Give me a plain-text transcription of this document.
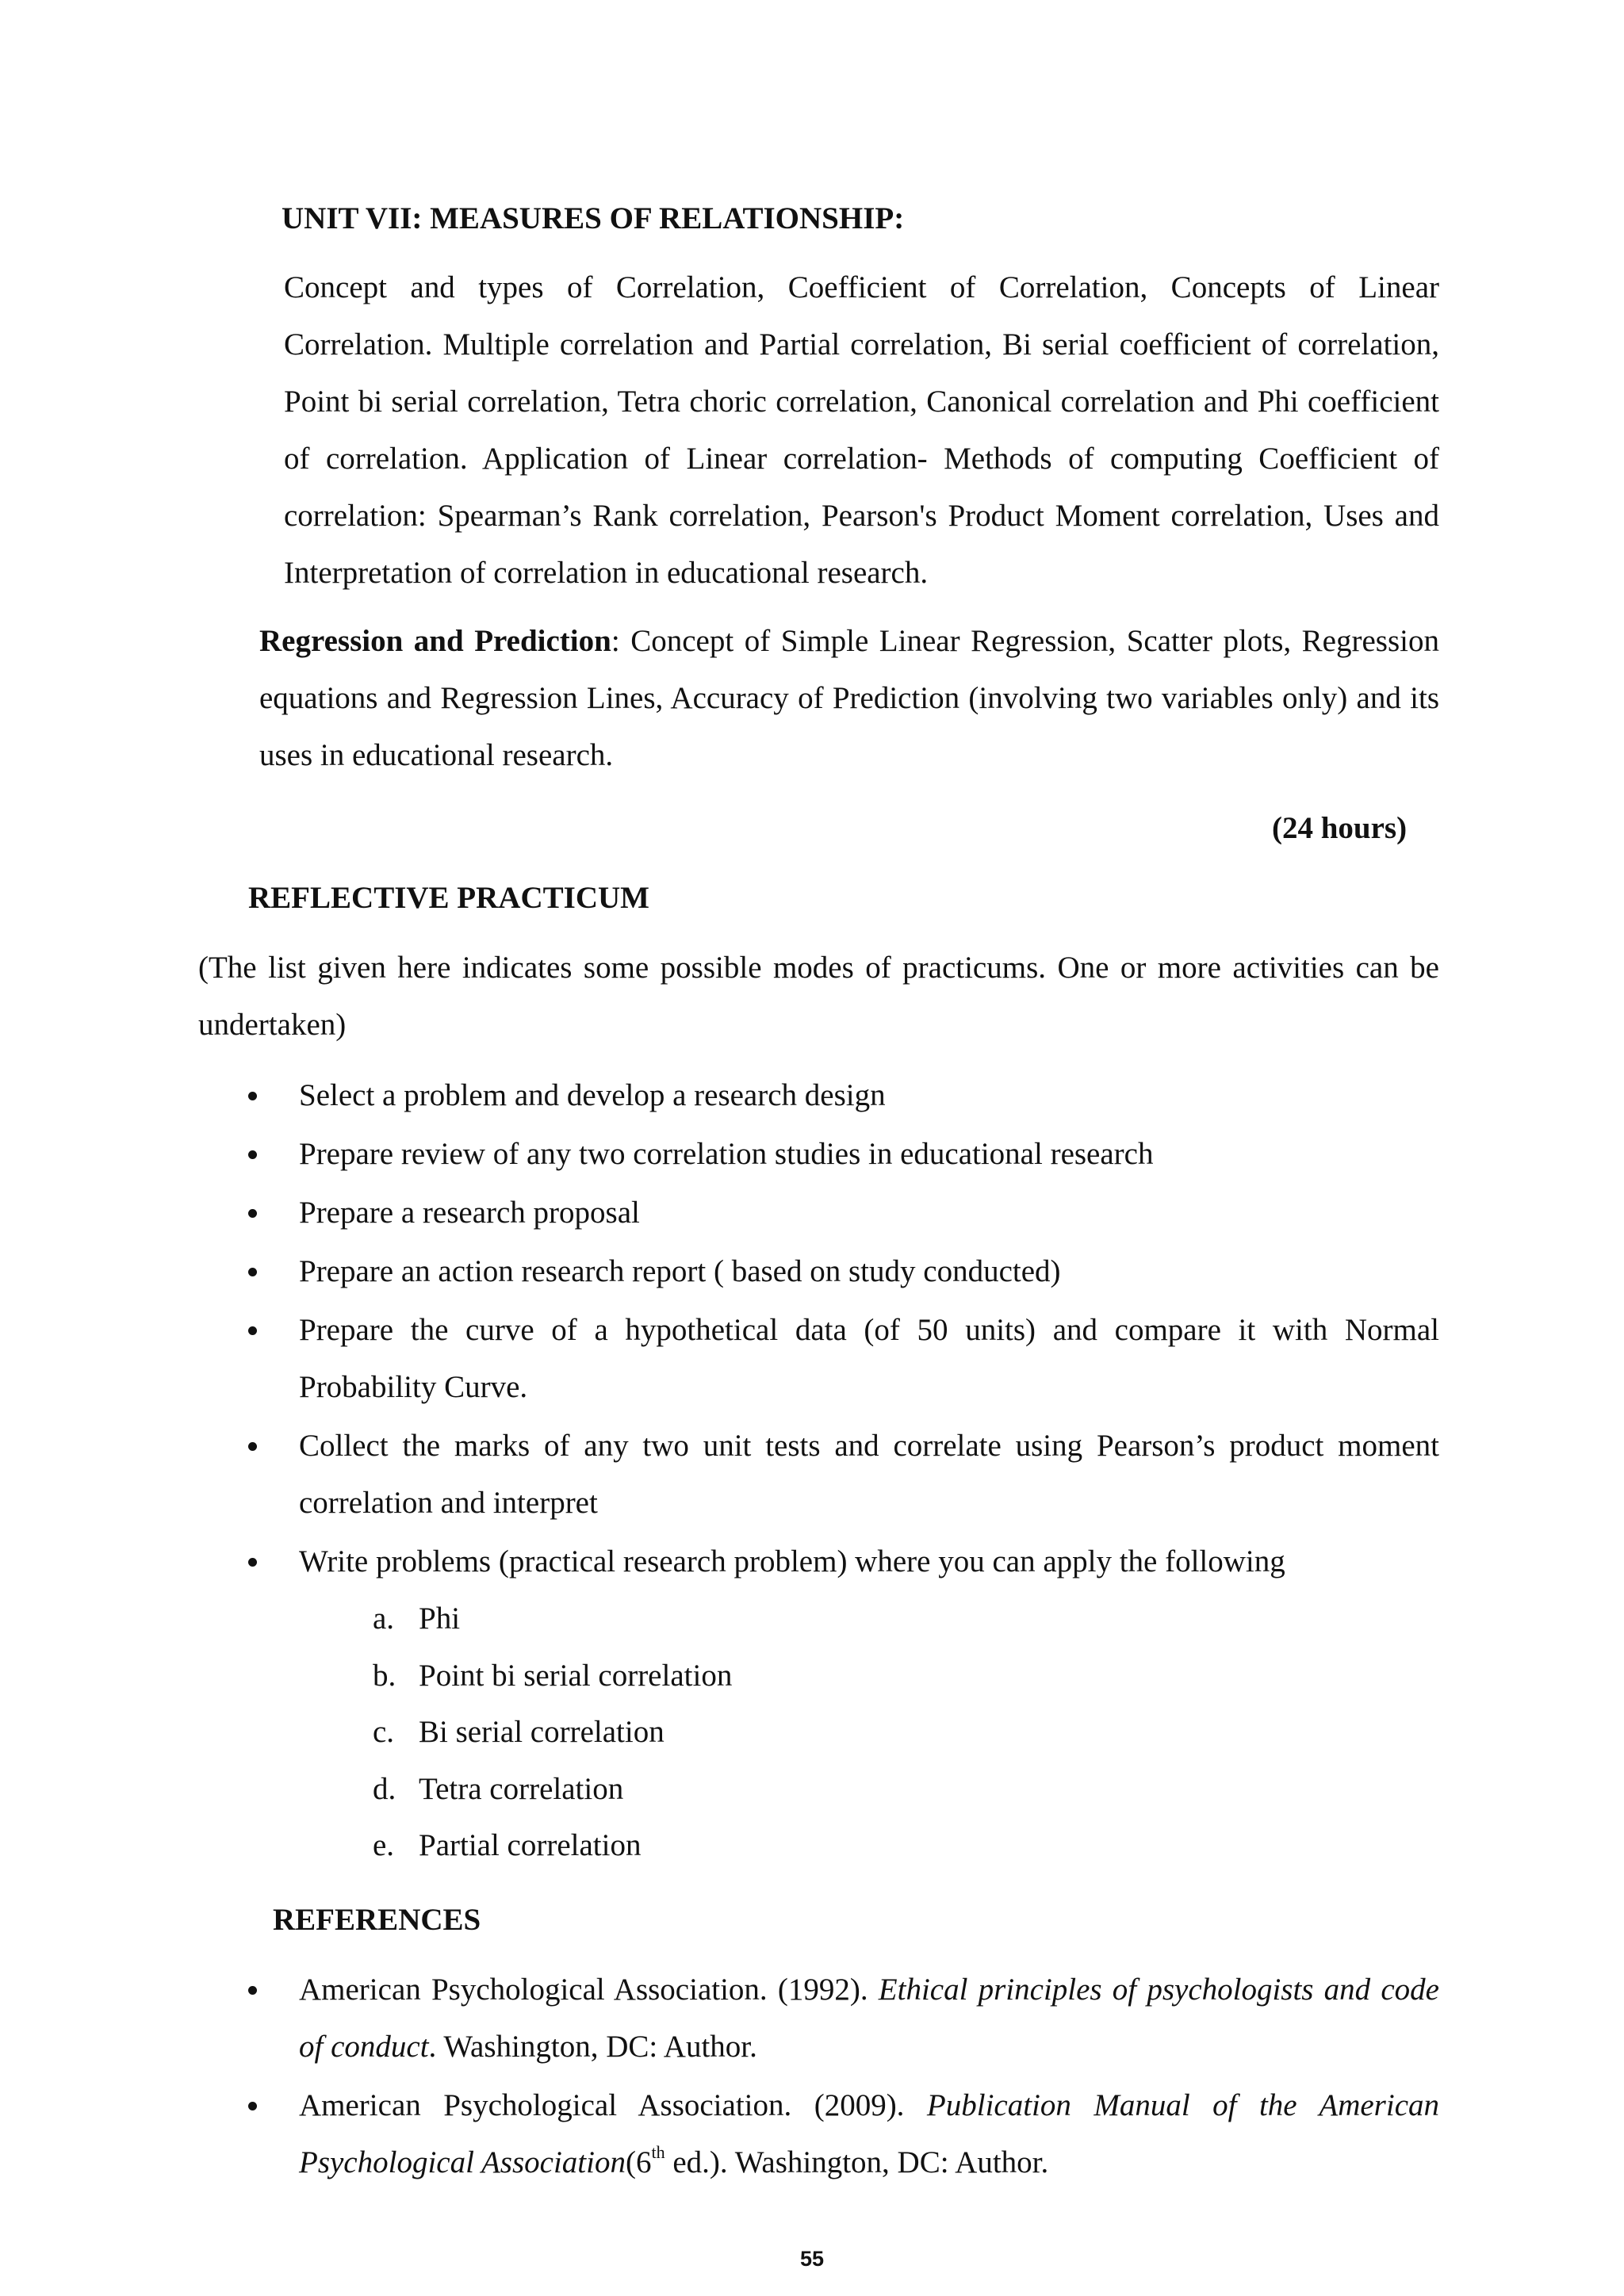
UNIT VII: MEASURES OF RELATIONSHIP:

Concept and types of Correlation, Coefficient of Correlation, Concepts of Linear Correlation. Multiple correlation and Partial correlation, Bi serial coefficient of correlation, Point bi serial correlation, Tetra choric correlation, Canonical correlation and Phi coefficient of correlation. Application of Linear correlation- Methods of computing Coefficient of correlation: Spearman’s Rank correlation, Pearson's Product Moment correlation, Uses and Interpretation of correlation in educational research.

Regression and Prediction: Concept of Simple Linear Regression, Scatter plots, Regression equations and Regression Lines, Accuracy of Prediction (involving two variables only) and its uses in educational research.

(24 hours)

REFLECTIVE PRACTICUM

(The list given here indicates some possible modes of practicums. One or more activities can be undertaken)

Select a problem and develop a research design
Prepare review of any two correlation studies in educational research
Prepare a research proposal
Prepare an action research report ( based on study conducted)
Prepare the curve of a hypothetical data (of 50 units) and compare it with Normal Probability Curve.
Collect the marks of any two unit tests and correlate using Pearson’s product moment correlation and interpret
Write problems (practical research problem) where you can apply the following
a. Phi
b. Point bi serial correlation
c. Bi serial correlation
d. Tetra correlation
e. Partial correlation
REFERENCES
American Psychological Association. (1992). Ethical principles of psychologists and code of conduct. Washington, DC: Author.
American Psychological Association. (2009). Publication Manual of the American Psychological Association(6th ed.). Washington, DC: Author.
55
